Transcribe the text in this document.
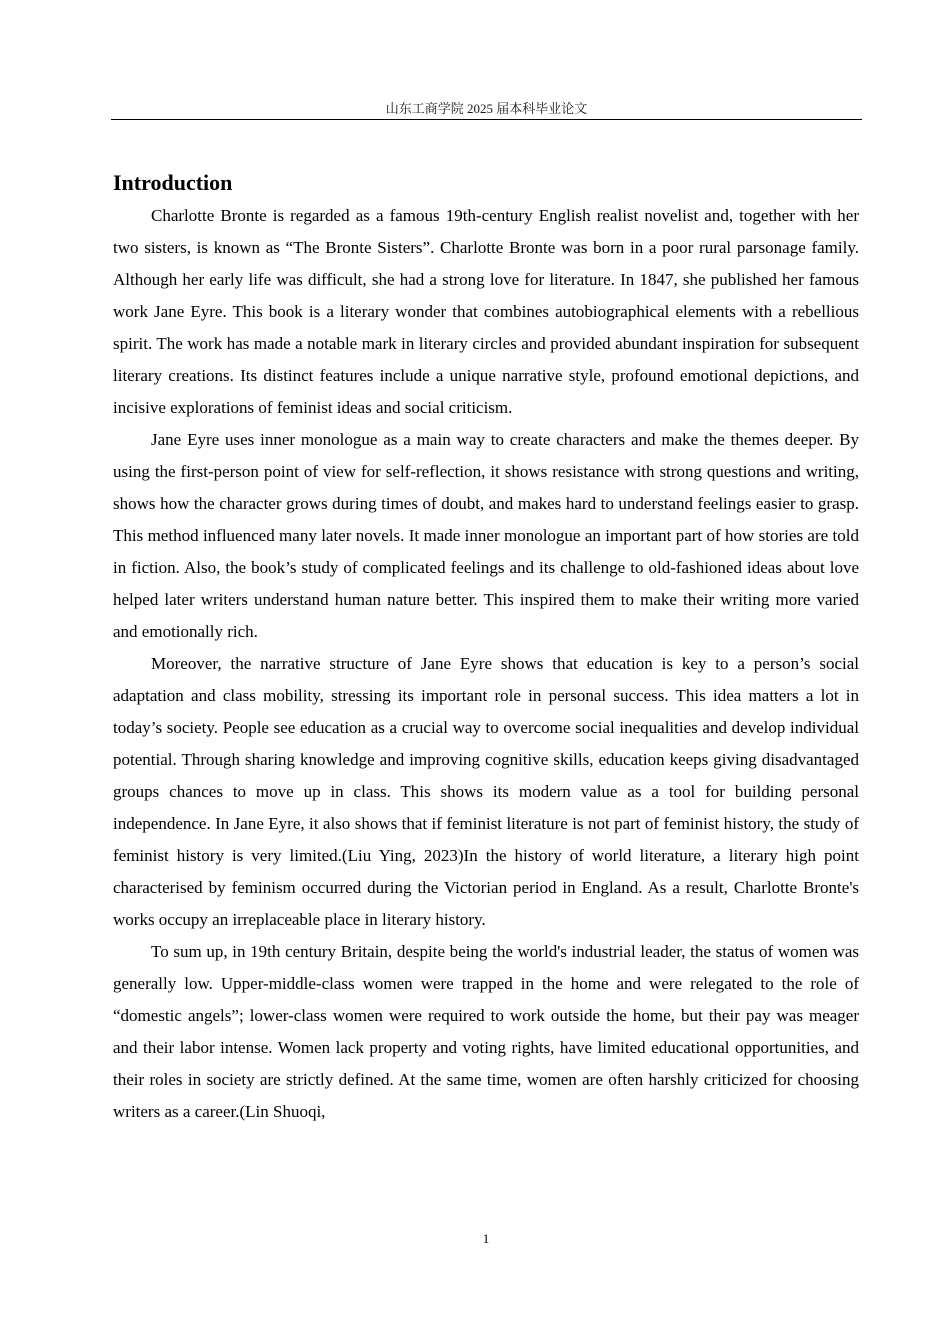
山东工商学院 2025 届本科毕业论文
Introduction

Charlotte Bronte is regarded as a famous 19th-century English realist novelist and, together with her two sisters, is known as “The Bronte Sisters”. Charlotte Bronte was born in a poor rural parsonage family. Although her early life was difficult, she had a strong love for literature. In 1847, she published her famous work Jane Eyre. This book is a literary wonder that combines autobiographical elements with a rebellious spirit. The work has made a notable mark in literary circles and provided abundant inspiration for subsequent literary creations. Its distinct features include a unique narrative style, profound emotional depictions, and incisive explorations of feminist ideas and social criticism.

Jane Eyre uses inner monologue as a main way to create characters and make the themes deeper. By using the first-person point of view for self-reflection, it shows resistance with strong questions and writing, shows how the character grows during times of doubt, and makes hard to understand feelings easier to grasp. This method influenced many later novels. It made inner monologue an important part of how stories are told in fiction. Also, the book’s study of complicated feelings and its challenge to old-fashioned ideas about love helped later writers understand human nature better. This inspired them to make their writing more varied and emotionally rich.

Moreover, the narrative structure of Jane Eyre shows that education is key to a person’s social adaptation and class mobility, stressing its important role in personal success. This idea matters a lot in today’s society. People see education as a crucial way to overcome social inequalities and develop individual potential. Through sharing knowledge and improving cognitive skills, education keeps giving disadvantaged groups chances to move up in class. This shows its modern value as a tool for building personal independence. In Jane Eyre, it also shows that if feminist literature is not part of feminist history, the study of feminist history is very limited.(Liu Ying, 2023)In the history of world literature, a literary high point characterised by feminism occurred during the Victorian period in England. As a result, Charlotte Bronte's works occupy an irreplaceable place in literary history.

To sum up, in 19th century Britain, despite being the world's industrial leader, the status of women was generally low. Upper-middle-class women were trapped in the home and were relegated to the role of “domestic angels”; lower-class women were required to work outside the home, but their pay was meager and their labor intense. Women lack property and voting rights, have limited educational opportunities, and their roles in society are strictly defined. At the same time, women are often harshly criticized for choosing writers as a career.(Lin Shuoqi,

1
